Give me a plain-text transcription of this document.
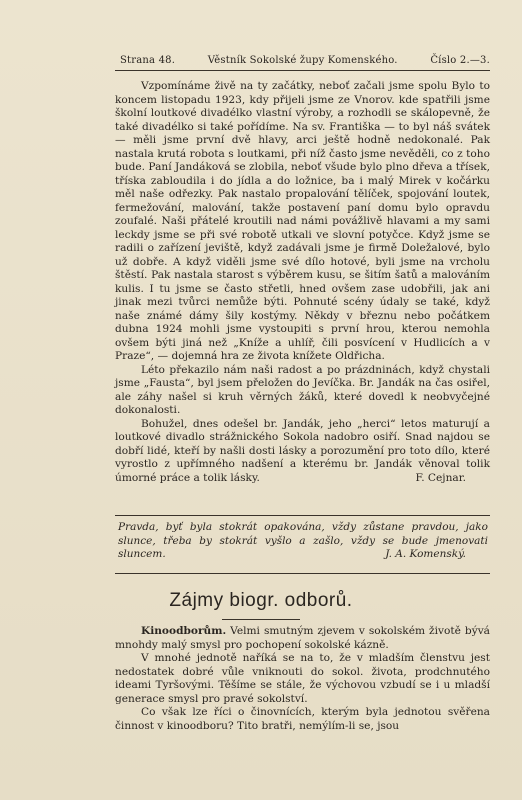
Strana 48.	Věstník Sokolské župy Komenského.	Číslo 2.—3.

Vzpomínáme živě na ty začátky, neboť začali jsme spolu Bylo to koncem listopadu 1923, kdy přijeli jsme ze Vnorov. kde spatřili jsme školní loutkové divadélko vlastní výroby, a rozhodli se skálopevně, že také divadélko si také pořídíme. Na sv. Františka — to byl náš svátek — měli jsme první dvě hlavy, arci ještě hodně nedokonalé. Pak nastala krutá robota s loutkami, při níž často jsme nevěděli, co z toho bude. Paní Jandáková se zlobila, neboť všude bylo plno dřeva a třísek, tříska zabloudila i do jídla a do ložnice, ba i malý Mirek v kočárku měl naše odřezky. Pak nastalo propalování tělíček, spojování loutek, fermežování, malování, takže postavení paní domu bylo opravdu zoufalé. Naši přátelé kroutili nad námi povážlivě hlavami a my sami leckdy jsme se při své robotě utkali ve slovní potyčce. Když jsme se radili o zařízení jeviště, když zadávali jsme je firmě Doležalové, bylo už dobře. A když viděli jsme své dílo hotové, byli jsme na vrcholu štěstí. Pak nastala starost s výběrem kusu, se šitím šatů a malováním kulis. I tu jsme se často střetli, hned ovšem zase udobřili, jak ani jinak mezi tvůrci nemůže býti. Pohnuté scény údaly se také, když naše známé dámy šily kostýmy. Někdy v březnu nebo počátkem dubna 1924 mohli jsme vystoupiti s první hrou, kterou nemohla ovšem býti jiná než „Kníže a uhlíř, čili posvícení v Hudlicích a v Praze“, — dojemná hra ze života knížete Oldřicha.

Léto překazilo nám naši radost a po prázdninách, když chystali jsme „Fausta“, byl jsem přeložen do Jevíčka. Br. Jandák na čas osiřel, ale záhy našel si kruh věrných žáků, které dovedl k neobvyčejné dokonalosti.

Bohužel, dnes odešel br. Jandák, jeho „herci“ letos maturují a loutkové divadlo strážnického Sokola nadobro osiří. Snad najdou se dobří lidé, kteří by našli dosti lásky a porozumění pro toto dílo, které vyrostlo z upřímného nadšení a kterému br. Jandák věnoval tolik úmorné práce a tolik lásky.	F. Cejnar.

Pravda, byť byla stokrát opakována, vždy zůstane pravdou, jako slunce, třeba by stokrát vyšlo a zašlo, vždy se bude jmenovati sluncem.	J. A. Komenský.
Zájmy biogr. odborů.

Kinoodborům. Velmi smutným zjevem v sokolském životě bývá mnohdy malý smysl pro pochopení sokolské kázně.

V mnohé jednotě naříká se na to, že v mladším členstvu jest nedostatek dobré vůle vniknouti do sokol. života, prodchnutého ideami Tyršovými. Těšíme se stále, že výchovou vzbudí se i u mladší generace smysl pro pravé sokolství.

Co však lze říci o činovnících, kterým byla jednotou svěřena činnost v kinoodboru? Tito bratři, nemýlím-li se, jsou
